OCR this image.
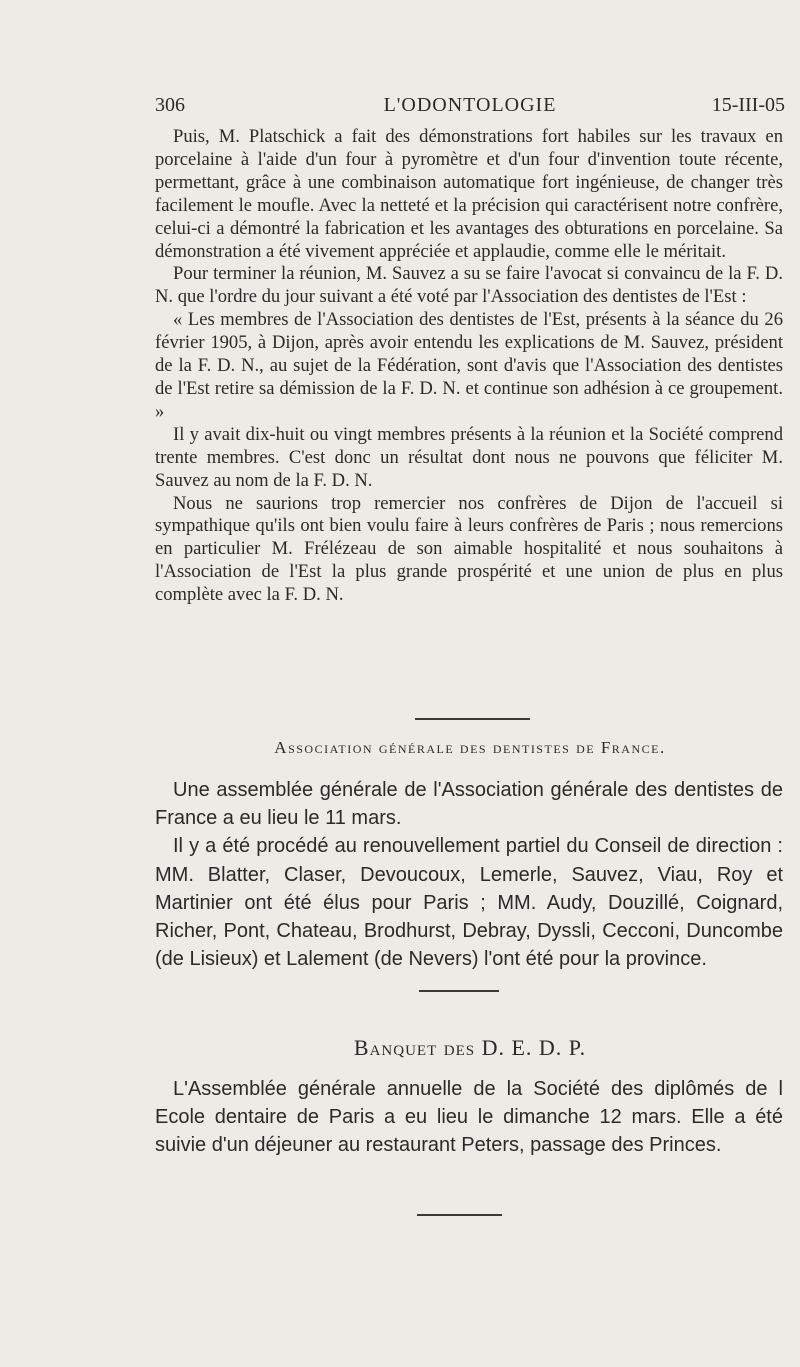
306	L'ODONTOLOGIE	15-III-05

Puis, M. Platschick a fait des démonstrations fort habiles sur les travaux en porcelaine à l'aide d'un four à pyromètre et d'un four d'invention toute récente, permettant, grâce à une combinaison automatique fort ingénieuse, de changer très facilement le moufle. Avec la netteté et la précision qui caractérisent notre confrère, celui-ci a démontré la fabrication et les avantages des obturations en porcelaine. Sa démonstration a été vivement appréciée et applaudie, comme elle le méritait.

Pour terminer la réunion, M. Sauvez a su se faire l'avocat si convaincu de la F. D. N. que l'ordre du jour suivant a été voté par l'Association des dentistes de l'Est :

« Les membres de l'Association des dentistes de l'Est, présents à la séance du 26 février 1905, à Dijon, après avoir entendu les explications de M. Sauvez, président de la F. D. N., au sujet de la Fédération, sont d'avis que l'Association des dentistes de l'Est retire sa démission de la F. D. N. et continue son adhésion à ce groupement. »

Il y avait dix-huit ou vingt membres présents à la réunion et la Société comprend trente membres. C'est donc un résultat dont nous ne pouvons que féliciter M. Sauvez au nom de la F. D. N.

Nous ne saurions trop remercier nos confrères de Dijon de l'accueil si sympathique qu'ils ont bien voulu faire à leurs confrères de Paris ; nous remercions en particulier M. Frélézeau de son aimable hospitalité et nous souhaitons à l'Association de l'Est la plus grande prospérité et une union de plus en plus complète avec la F. D. N.

Association générale des dentistes de France.

Une assemblée générale de l'Association générale des dentistes de France a eu lieu le 11 mars.

Il y a été procédé au renouvellement partiel du Conseil de direction : MM. Blatter, Claser, Devoucoux, Lemerle, Sauvez, Viau, Roy et Martinier ont été élus pour Paris ; MM. Audy, Douzillé, Coignard, Richer, Pont, Chateau, Brodhurst, Debray, Dyssli, Cecconi, Duncombe (de Lisieux) et Lalement (de Nevers) l'ont été pour la province.

Banquet des D. E. D. P.

L'Assemblée générale annuelle de la Société des diplômés de l Ecole dentaire de Paris a eu lieu le dimanche 12 mars. Elle a été suivie d'un déjeuner au restaurant Peters, passage des Princes.
